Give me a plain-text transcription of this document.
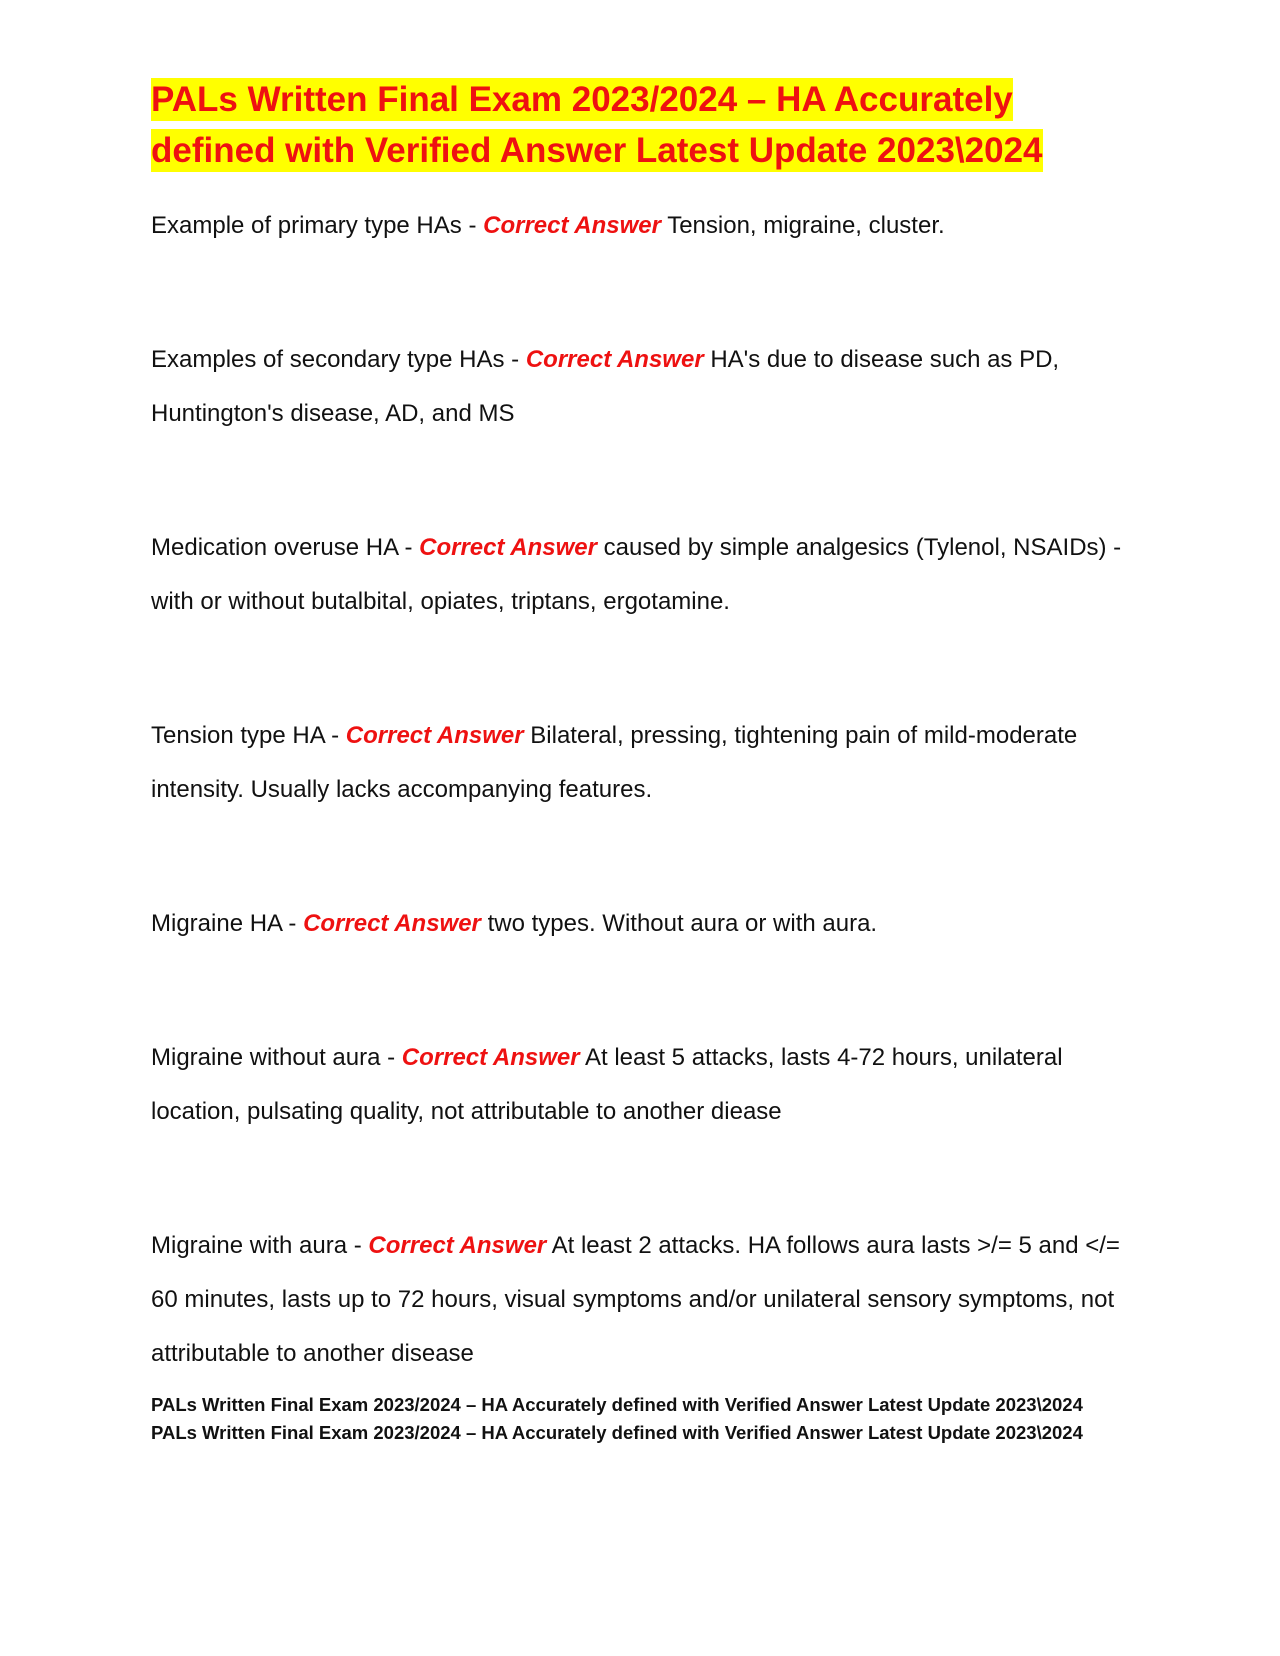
PALs Written Final Exam 2023/2024 – HA Accurately defined with Verified Answer Latest Update 2023\2024

Example of primary type HAs - Correct Answer Tension, migraine, cluster.

Examples of secondary type HAs - Correct Answer HA's due to disease such as PD, Huntington's disease, AD, and MS

Medication overuse HA - Correct Answer caused by simple analgesics (Tylenol, NSAIDs) -with or without butalbital, opiates, triptans, ergotamine.

Tension type HA - Correct Answer Bilateral, pressing, tightening pain of mild-moderate intensity. Usually lacks accompanying features.

Migraine HA - Correct Answer two types. Without aura or with aura.

Migraine without aura - Correct Answer At least 5 attacks, lasts 4-72 hours, unilateral location, pulsating quality, not attributable to another diease

Migraine with aura - Correct Answer At least 2 attacks. HA follows aura lasts >/= 5 and </= 60 minutes, lasts up to 72 hours, visual symptoms and/or unilateral sensory symptoms, not attributable to another disease

PALs Written Final Exam 2023/2024 – HA Accurately defined with Verified Answer Latest Update 2023\2024

PALs Written Final Exam 2023/2024 – HA Accurately defined with Verified Answer Latest Update 2023\2024
